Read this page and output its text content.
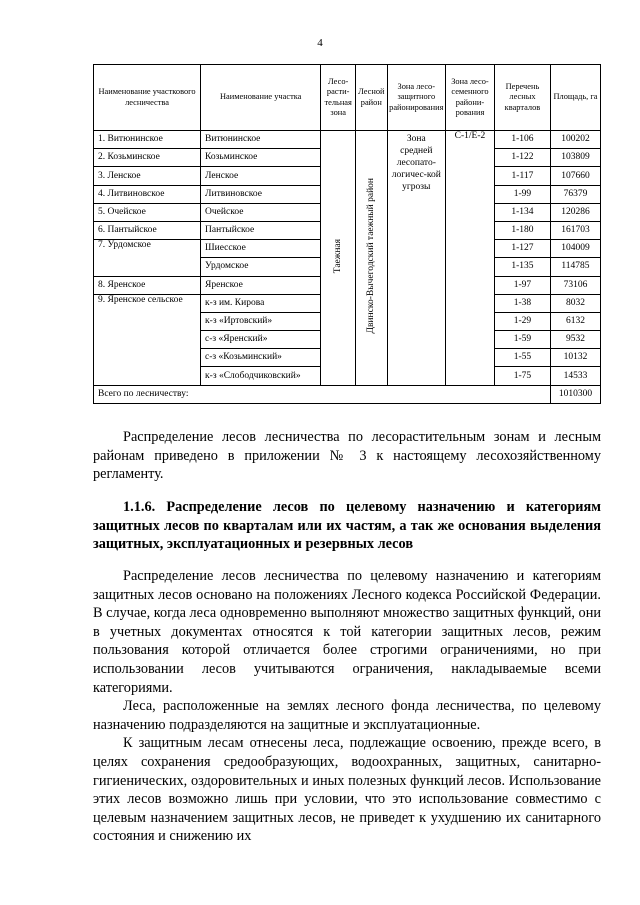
4
Наименование участкового лесничества	Наименование участка	Лесо-расти-тельная зона	Лесной район	Зона лесо-защитного районирования	Зона лесо-семенного райони-рования	Перечень лесных кварталов	Площадь, га
1. Витюнинское	Витюнинское	Таежная	Двинско-Вычегодский таежный район	Зона средней лесопато-логичес-кой угрозы	С-1/Е-2	1-106	100202
2. Козьминское	Козьминское					1-122	103809
3. Ленское	Ленское					1-117	107660
4. Литвиновское	Литвиновское					1-99	76379
5. Очейское	Очейское					1-134	120286
6. Пантыйское	Пантыйское					1-180	161703
7. Урдомское	Шиесское					1-127	104009
	Урдомское					1-135	114785
8. Яренское	Яренское					1-97	73106
9. Яренское сельское	к-з им. Кирова					1-38	8032
	к-з «Иртовский»					1-29	6132
	с-з «Яренский»					1-59	9532
	с-з «Козьминский»					1-55	10132
	к-з «Слободчиковский»					1-75	14533
Всего по лесничеству:							1010300

Распределение лесов лесничества по лесорастительным зонам и лесным районам приведено в приложении № 3 к настоящему лесохозяйственному регламенту.

1.1.6. Распределение лесов по целевому назначению и категориям защитных лесов по кварталам или их частям, а так же основания выделения защитных, эксплуатационных и резервных лесов

Распределение лесов лесничества по целевому назначению и категориям защитных лесов основано на положениях Лесного кодекса Российской Федерации. В случае, когда леса одновременно выполняют множество защитных функций, они в учетных документах относятся к той категории защитных лесов, режим пользования которой отличается более строгими ограничениями, но при использовании лесов учитываются ограничения, накладываемые всеми категориями.

Леса, расположенные на землях лесного фонда лесничества, по целевому назначению подразделяются на защитные и эксплуатационные.

К защитным лесам отнесены леса, подлежащие освоению, прежде всего, в целях сохранения средообразующих, водоохранных, защитных, санитарно-гигиенических, оздоровительных и иных полезных функций лесов. Использование этих лесов возможно лишь при условии, что это использование совместимо с целевым назначением защитных лесов, не приведет к ухудшению их санитарного состояния и снижению их
